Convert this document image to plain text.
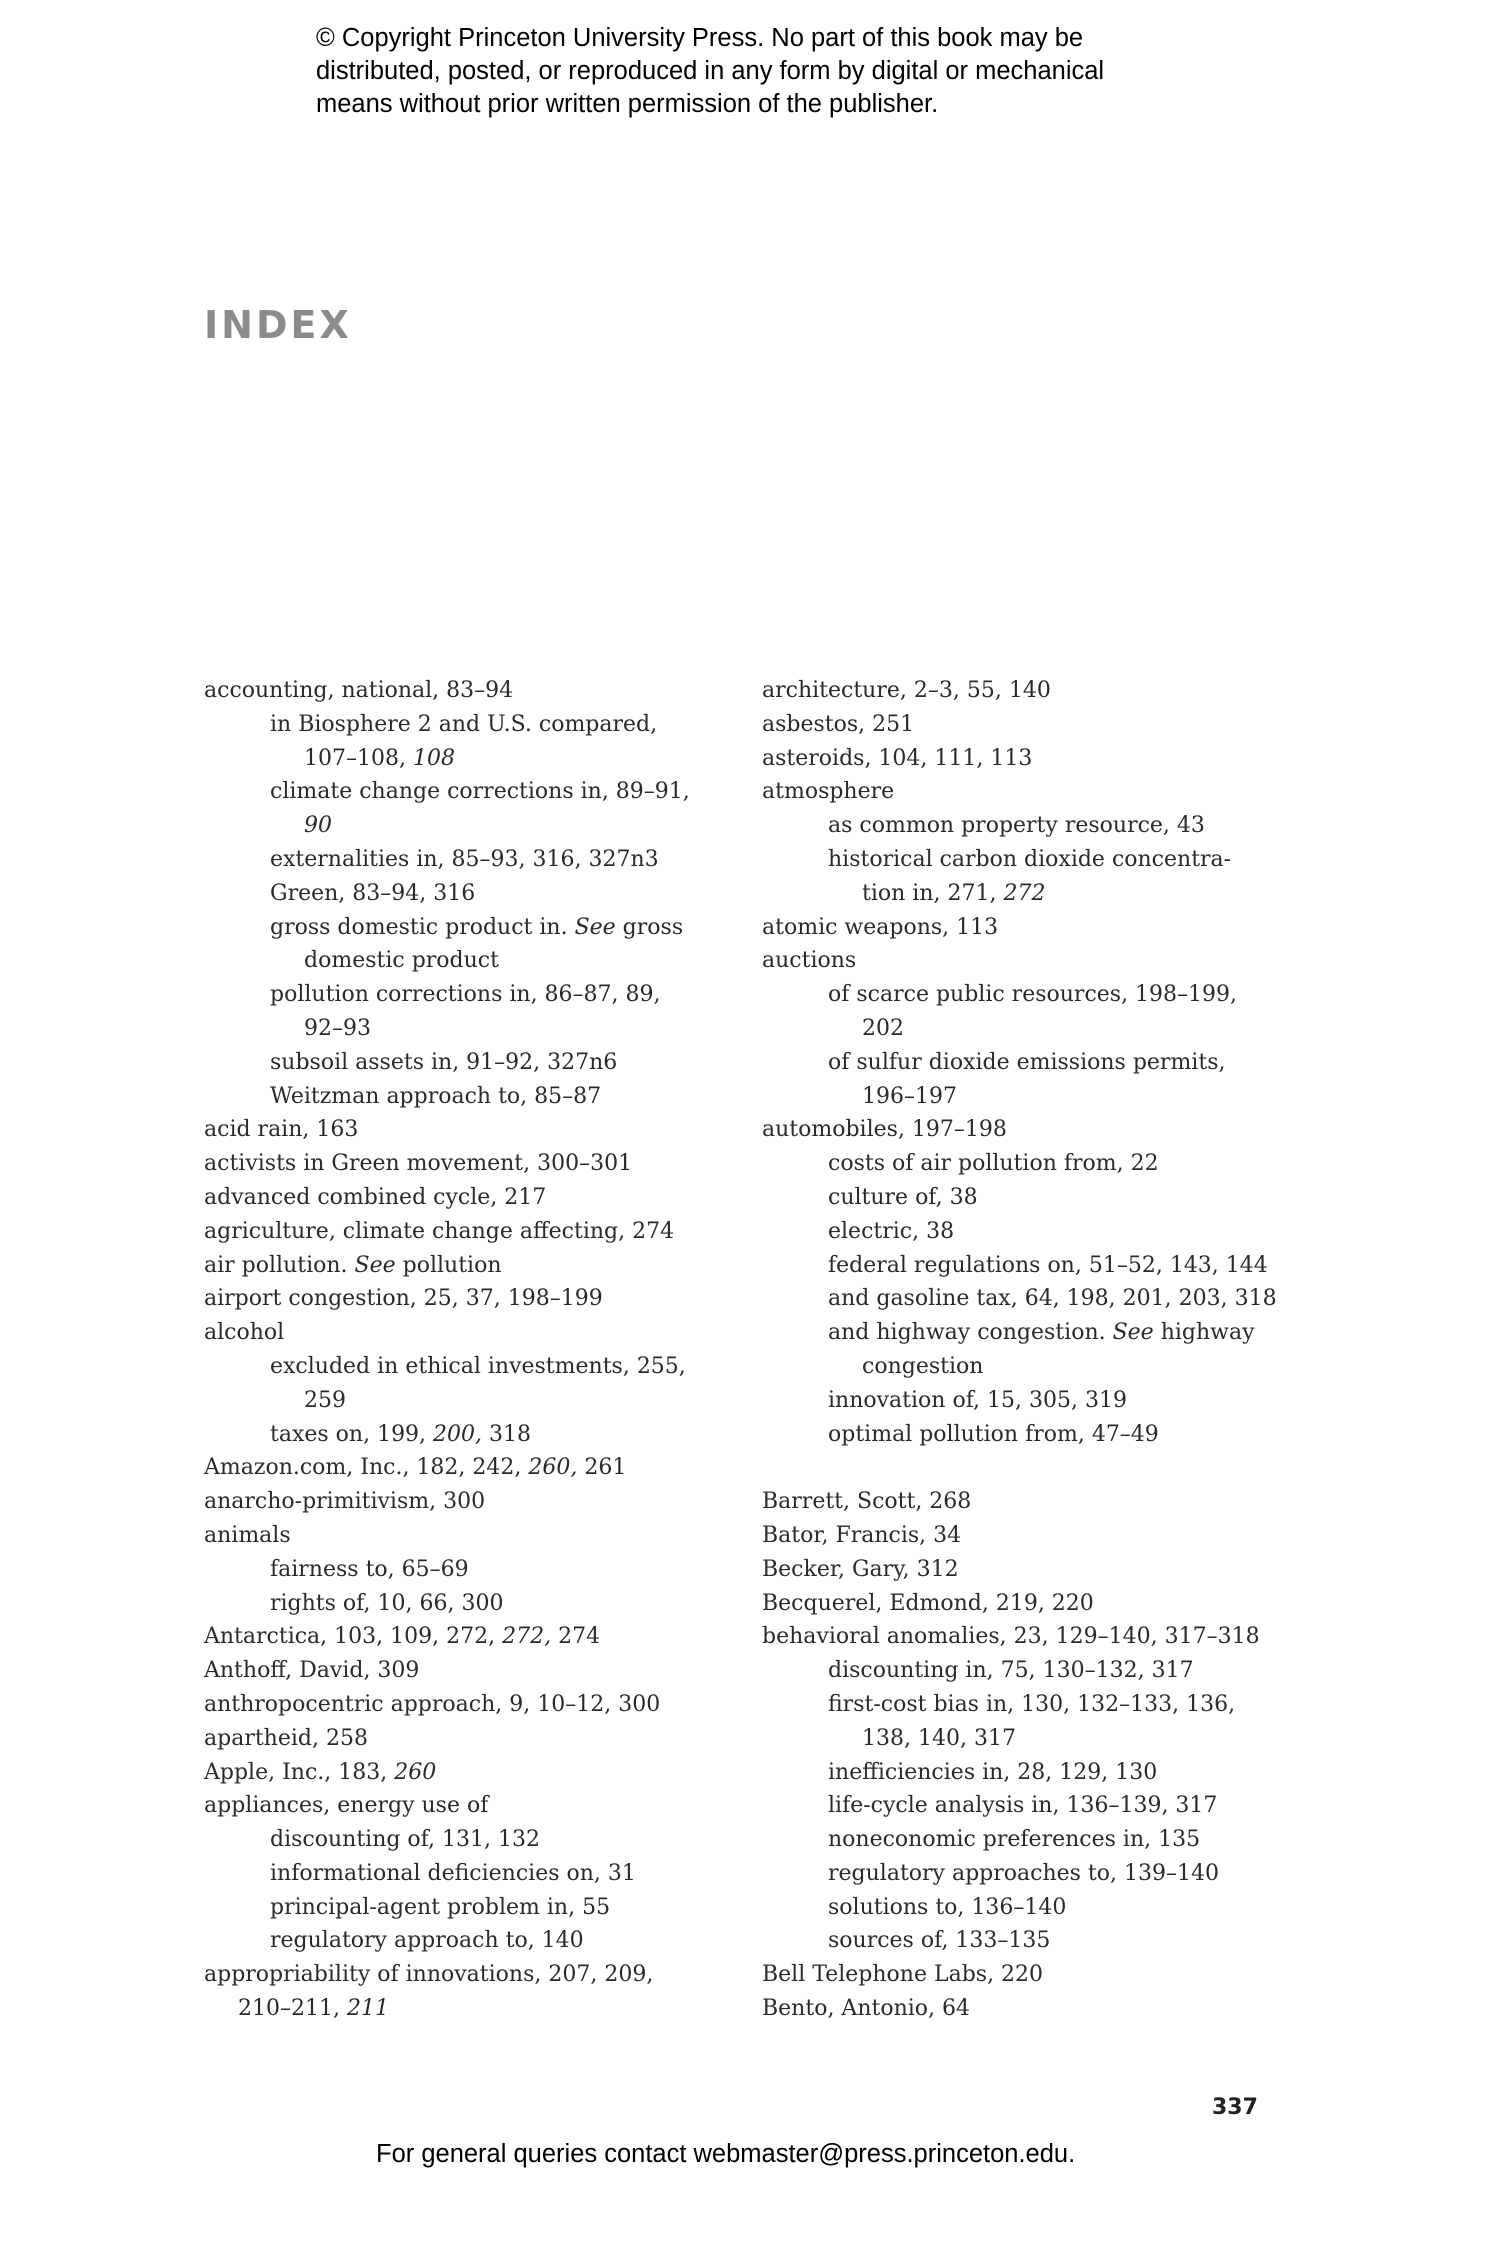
© Copyright Princeton University Press. No part of this book may be
distributed, posted, or reproduced in any form by digital or mechanical
means without prior written permission of the publisher.
INDEX
accounting, national, 83–94
in Biosphere 2 and U.S. compared,
107–108, 108
climate change corrections in, 89–91,
90
externalities in, 85–93, 316, 327n3
Green, 83–94, 316
gross domestic product in. See gross
domestic product
pollution corrections in, 86–87, 89,
92–93
subsoil assets in, 91–92, 327n6
Weitzman approach to, 85–87
acid rain, 163
activists in Green movement, 300–301
advanced combined cycle, 217
agriculture, climate change affecting, 274
air pollution. See pollution
airport congestion, 25, 37, 198–199
alcohol
excluded in ethical investments, 255,
259
taxes on, 199, 200, 318
Amazon.com, Inc., 182, 242, 260, 261
anarcho-primitivism, 300
animals
fairness to, 65–69
rights of, 10, 66, 300
Antarctica, 103, 109, 272, 272, 274
Anthoff, David, 309
anthropocentric approach, 9, 10–12, 300
apartheid, 258
Apple, Inc., 183, 260
appliances, energy use of
discounting of, 131, 132
informational deficiencies on, 31
principal-agent problem in, 55
regulatory approach to, 140
appropriability of innovations, 207, 209,
210–211, 211
architecture, 2–3, 55, 140
asbestos, 251
asteroids, 104, 111, 113
atmosphere
as common property resource, 43
historical carbon dioxide concentra-
tion in, 271, 272
atomic weapons, 113
auctions
of scarce public resources, 198–199,
202
of sulfur dioxide emissions permits,
196–197
automobiles, 197–198
costs of air pollution from, 22
culture of, 38
electric, 38
federal regulations on, 51–52, 143, 144
and gasoline tax, 64, 198, 201, 203, 318
and highway congestion. See highway
congestion
innovation of, 15, 305, 319
optimal pollution from, 47–49
Barrett, Scott, 268
Bator, Francis, 34
Becker, Gary, 312
Becquerel, Edmond, 219, 220
behavioral anomalies, 23, 129–140, 317–318
discounting in, 75, 130–132, 317
first-cost bias in, 130, 132–133, 136,
138, 140, 317
inefficiencies in, 28, 129, 130
life-cycle analysis in, 136–139, 317
noneconomic preferences in, 135
regulatory approaches to, 139–140
solutions to, 136–140
sources of, 133–135
Bell Telephone Labs, 220
Bento, Antonio, 64
337
For general queries contact webmaster@press.princeton.edu.
